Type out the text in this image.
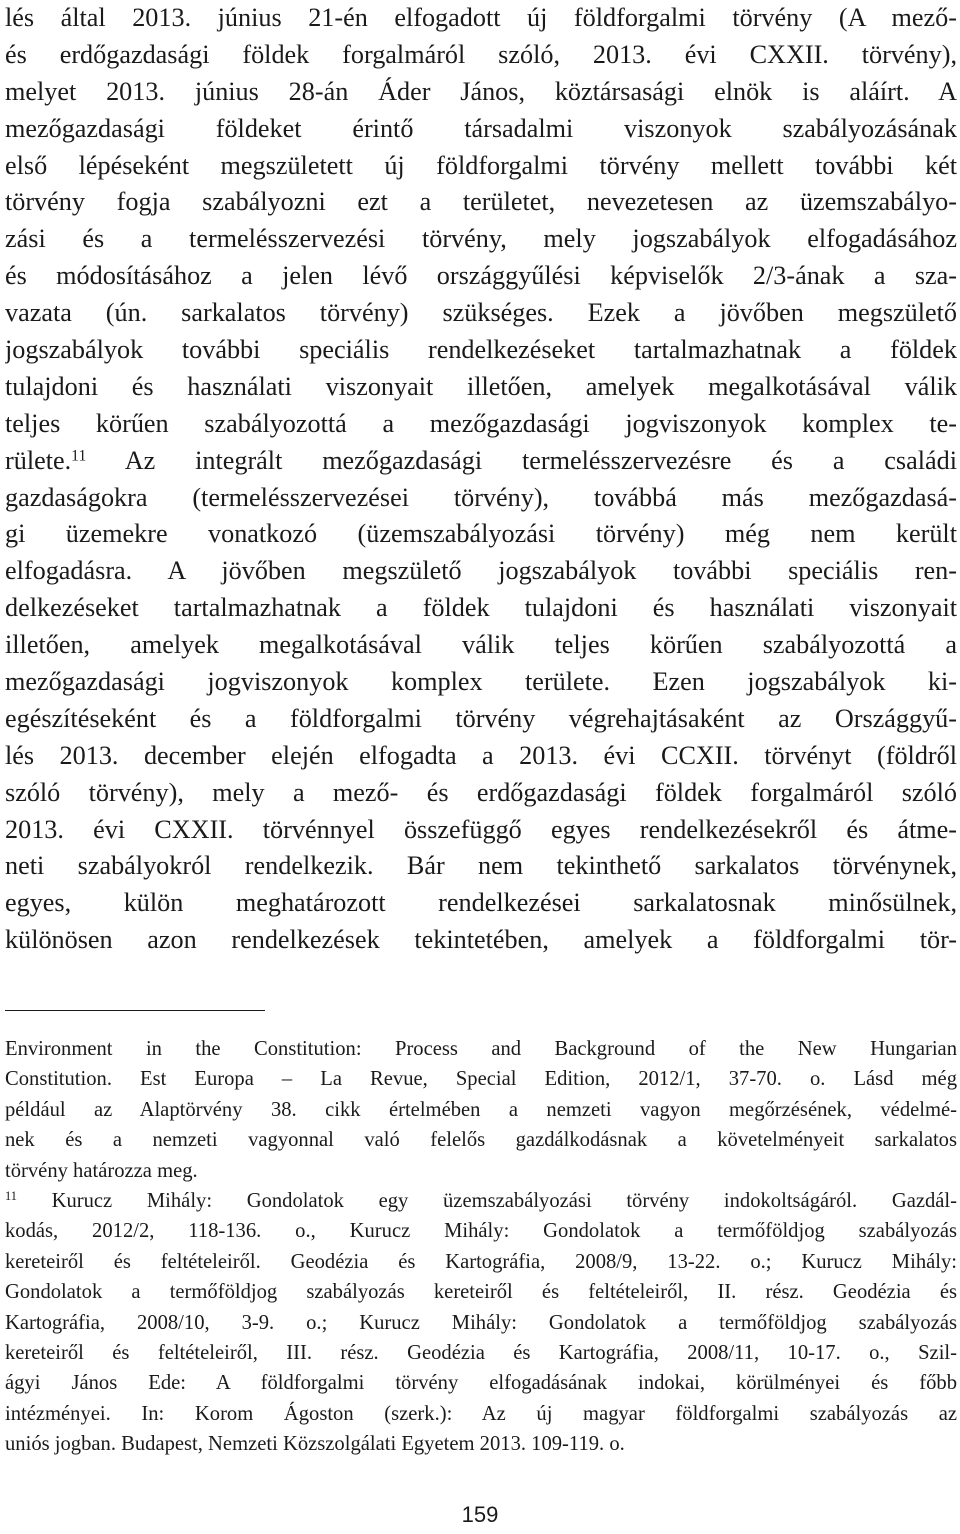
lés által 2013. június 21-én elfogadott új földforgalmi törvény (A mező-
és erdőgazdasági földek forgalmáról szóló, 2013. évi CXXII. törvény),
melyet 2013. június 28-án Áder János, köztársasági elnök is aláírt. A
mezőgazdasági földeket érintő társadalmi viszonyok szabályozásának
első lépéseként megszületett új földforgalmi törvény mellett további két
törvény fogja szabályozni ezt a területet, nevezetesen az üzemszabályo-
zási és a termelésszervezési törvény, mely jogszabályok elfogadásához
és módosításához a jelen lévő országgyűlési képviselők 2/3-ának a sza-
vazata (ún. sarkalatos törvény) szükséges. Ezek a jövőben megszülető
jogszabályok további speciális rendelkezéseket tartalmazhatnak a földek
tulajdoni és használati viszonyait illetően, amelyek megalkotásával válik
teljes körűen szabályozottá a mezőgazdasági jogviszonyok komplex te-
rülete.$^{11}$ Az integrált mezőgazdasági termelésszervezésre és a családi
gazdaságokra (termelésszervezései törvény), továbbá más mezőgazdasá-
gi üzemekre vonatkozó (üzemszabályozási törvény) még nem került
elfogadásra. A jövőben megszülető jogszabályok további speciális ren-
delkezéseket tartalmazhatnak a földek tulajdoni és használati viszonyait
illetően, amelyek megalkotásával válik teljes körűen szabályozottá a
mezőgazdasági jogviszonyok komplex területe. Ezen jogszabályok ki-
egészítéseként és a földforgalmi törvény végrehajtásaként az Országgyű-
lés 2013. december elején elfogadta a 2013. évi CCXII. törvényt (földről
szóló törvény), mely a mező- és erdőgazdasági földek forgalmáról szóló
2013. évi CXXII. törvénnyel összefüggő egyes rendelkezésekről és átme-
neti szabályokról rendelkezik. Bár nem tekinthető sarkalatos törvénynek,
egyes, külön meghatározott rendelkezései sarkalatosnak minősülnek,
különösen azon rendelkezések tekintetében, amelyek a földforgalmi tör-
Environment in the Constitution: Process and Background of the New Hungarian
Constitution. Est Europa – La Revue, Special Edition, 2012/1, 37-70. o. Lásd még
például az Alaptörvény 38. cikk értelmében a nemzeti vagyon megőrzésének, védelmé-
nek és a nemzeti vagyonnal való felelős gazdálkodásnak a követelményeit sarkalatos
törvény határozza meg.
$^{11}$ Kurucz Mihály: Gondolatok egy üzemszabályozási törvény indokoltságáról. Gazdál-
kodás, 2012/2, 118-136. o., Kurucz Mihály: Gondolatok a termőföldjog szabályozás
kereteiről és feltételeiről. Geodézia és Kartográfia, 2008/9, 13-22. o.; Kurucz Mihály:
Gondolatok a termőföldjog szabályozás kereteiről és feltételeiről, II. rész. Geodézia és
Kartográfia, 2008/10, 3-9. o.; Kurucz Mihály: Gondolatok a termőföldjog szabályozás
kereteiről és feltételeiről, III. rész. Geodézia és Kartográfia, 2008/11, 10-17. o., Szil-
ágyi János Ede: A földforgalmi törvény elfogadásának indokai, körülményei és főbb
intézményei. In: Korom Ágoston (szerk.): Az új magyar földforgalmi szabályozás az
uniós jogban. Budapest, Nemzeti Közszolgálati Egyetem 2013. 109-119. o.
159
